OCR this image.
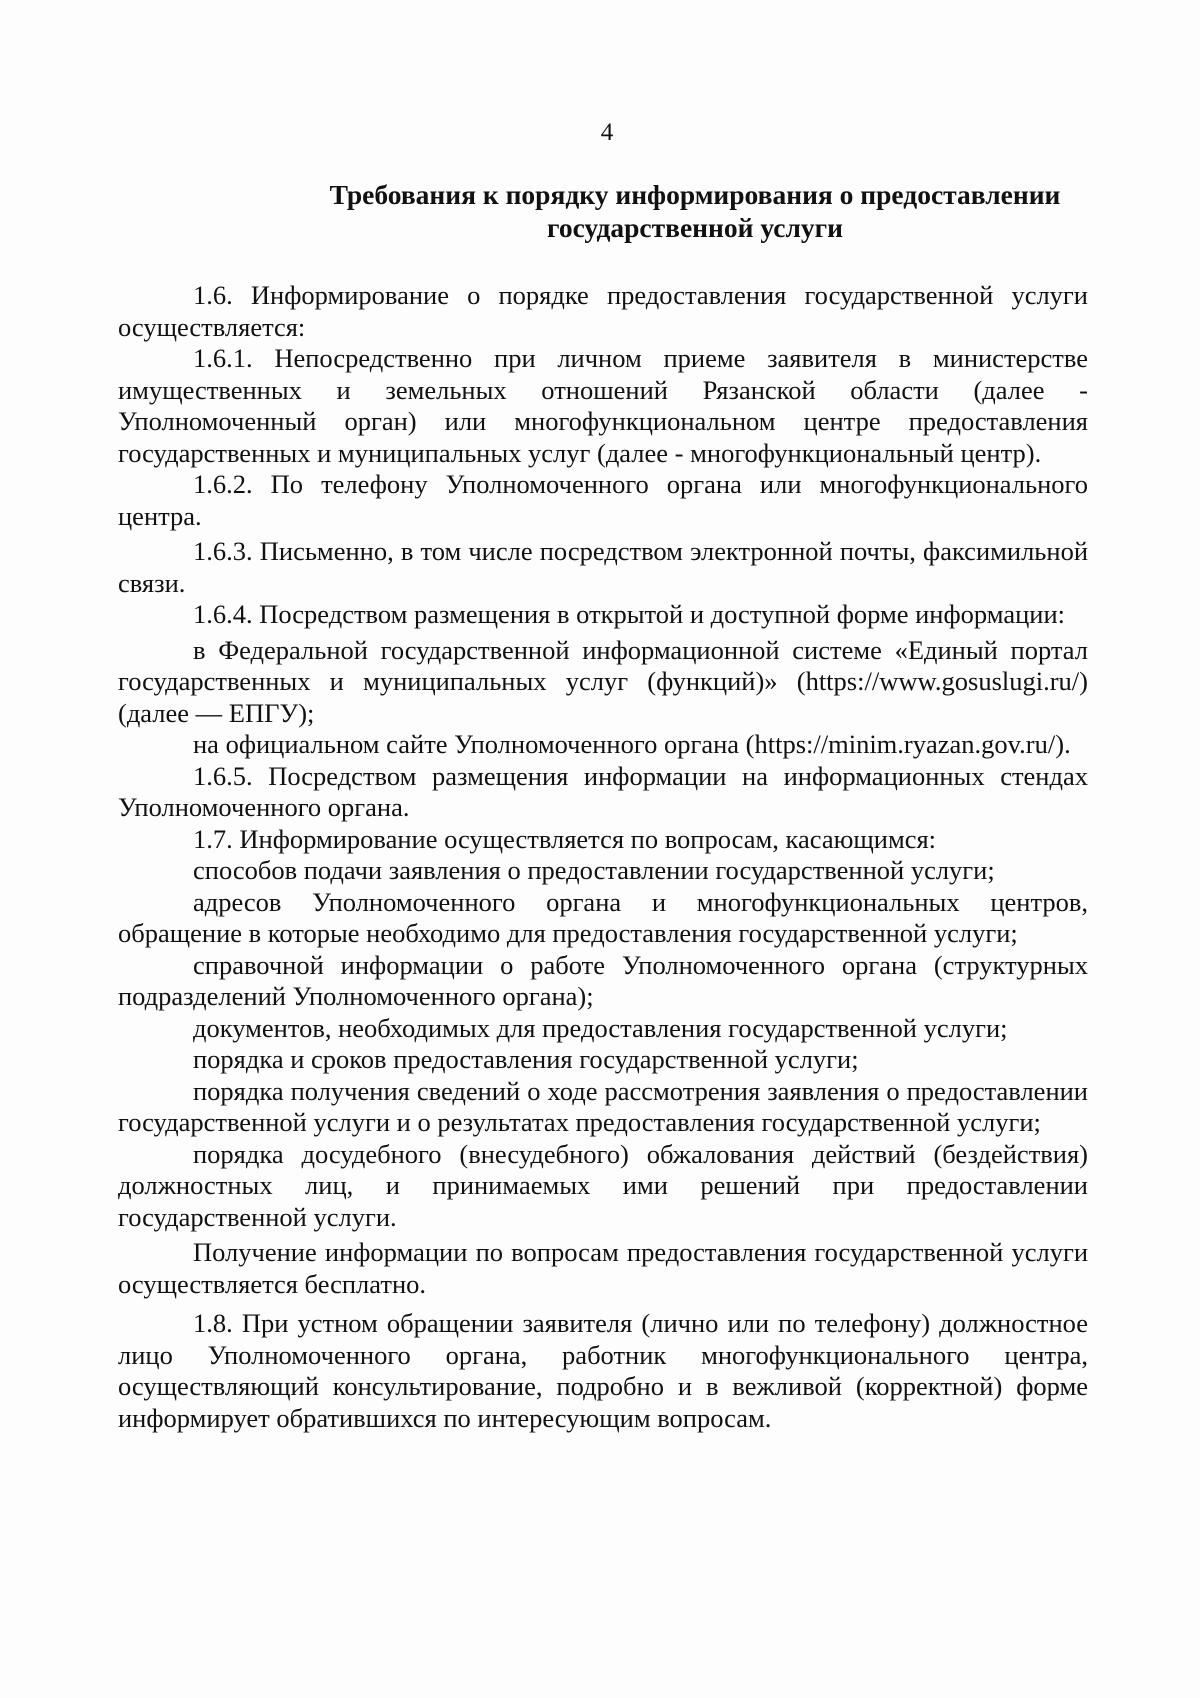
4
Требования к порядку информирования о предоставлении
государственной услуги

1.6. Информирование о порядке предоставления государственной услуги осуществляется:

1.6.1. Непосредственно при личном приеме заявителя в министерстве имущественных и земельных отношений Рязанской области (далее - Уполномоченный орган) или многофункциональном центре предоставления государственных и муниципальных услуг (далее - многофункциональный центр).

1.6.2. По телефону Уполномоченного органа или многофункционального центра.

1.6.3. Письменно, в том числе посредством электронной почты, факсимильной связи.

1.6.4. Посредством размещения в открытой и доступной форме информации:

в Федеральной государственной информационной системе «Единый портал государственных и муниципальных услуг (функций)» (https://www.gosuslugi.ru/) (далее — ЕПГУ);

на официальном сайте Уполномоченного органа (https://minim.ryazan.gov.ru/).

1.6.5. Посредством размещения информации на информационных стендах Уполномоченного органа.

1.7. Информирование осуществляется по вопросам, касающимся:

способов подачи заявления о предоставлении государственной услуги;

адресов Уполномоченного органа и многофункциональных центров, обращение в которые необходимо для предоставления государственной услуги;

справочной информации о работе Уполномоченного органа (структурных подразделений Уполномоченного органа);

документов, необходимых для предоставления государственной услуги;

порядка и сроков предоставления государственной услуги;

порядка получения сведений о ходе рассмотрения заявления о предоставлении государственной услуги и о результатах предоставления государственной услуги;

порядка досудебного (внесудебного) обжалования действий (бездействия) должностных лиц, и принимаемых ими решений при предоставлении государственной услуги.

Получение информации по вопросам предоставления государственной услуги осуществляется бесплатно.

1.8. При устном обращении заявителя (лично или по телефону) должностное лицо Уполномоченного органа, работник многофункционального центра, осуществляющий консультирование, подробно и в вежливой (корректной) форме информирует обратившихся по интересующим вопросам.
